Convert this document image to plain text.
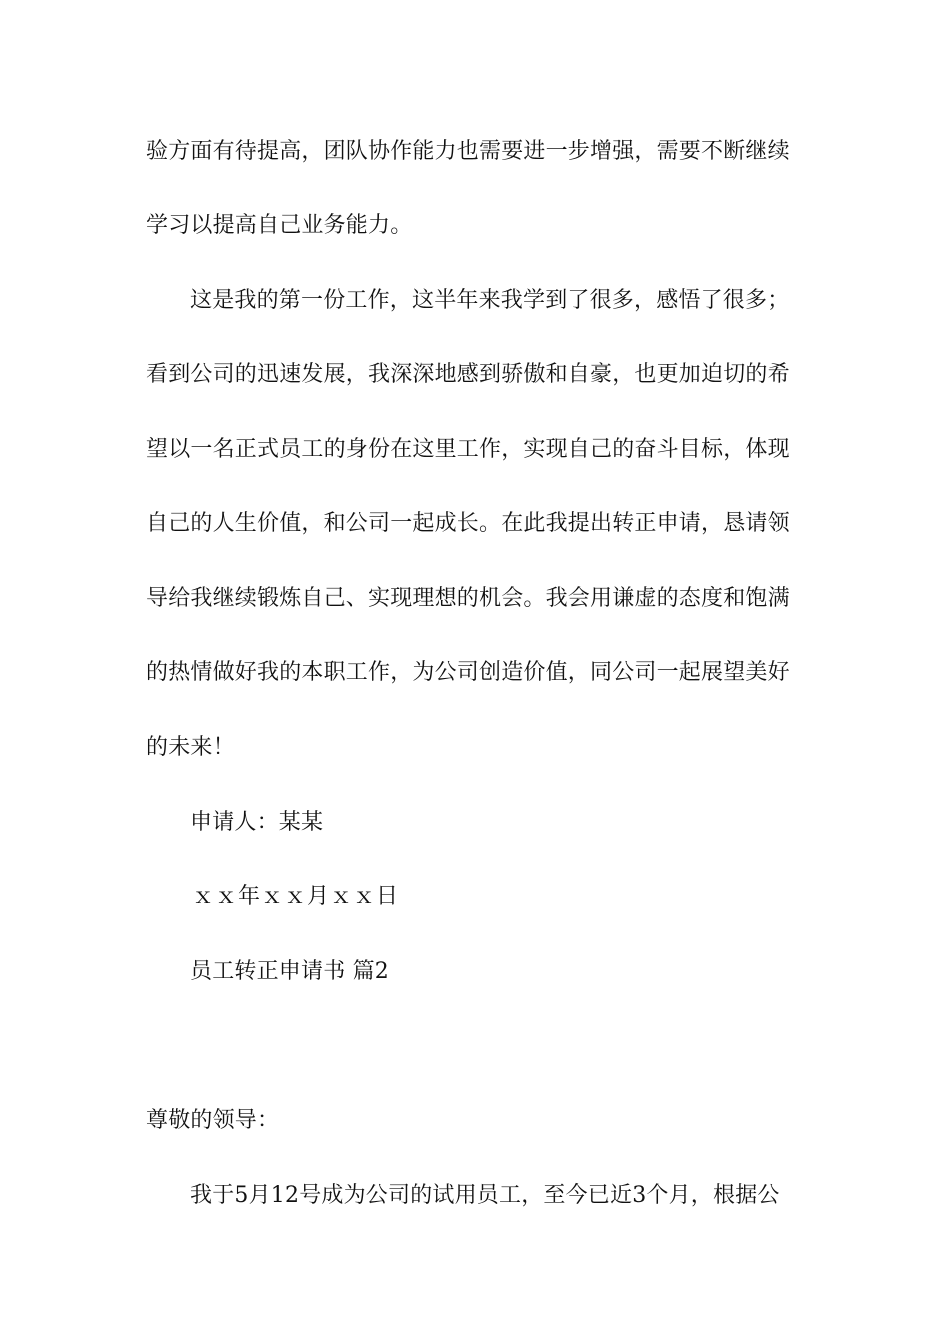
验方面有待提高，团队协作能力也需要进一步增强，需要不断继续
学习以提高自己业务能力。
这是我的第一份工作，这半年来我学到了很多，感悟了很多；
看到公司的迅速发展，我深深地感到骄傲和自豪，也更加迫切的希
望以一名正式员工的身份在这里工作，实现自己的奋斗目标，体现
自己的人生价值，和公司一起成长。在此我提出转正申请，恳请领
导给我继续锻炼自己、实现理想的机会。我会用谦虚的态度和饱满
的热情做好我的本职工作，为公司创造价值，同公司一起展望美好
的未来！
申请人：某某
ｘｘ年ｘｘ月ｘｘ日
员工转正申请书 篇2
尊敬的领导：
我于5月12号成为公司的试用员工，至今已近3个月，根据公
